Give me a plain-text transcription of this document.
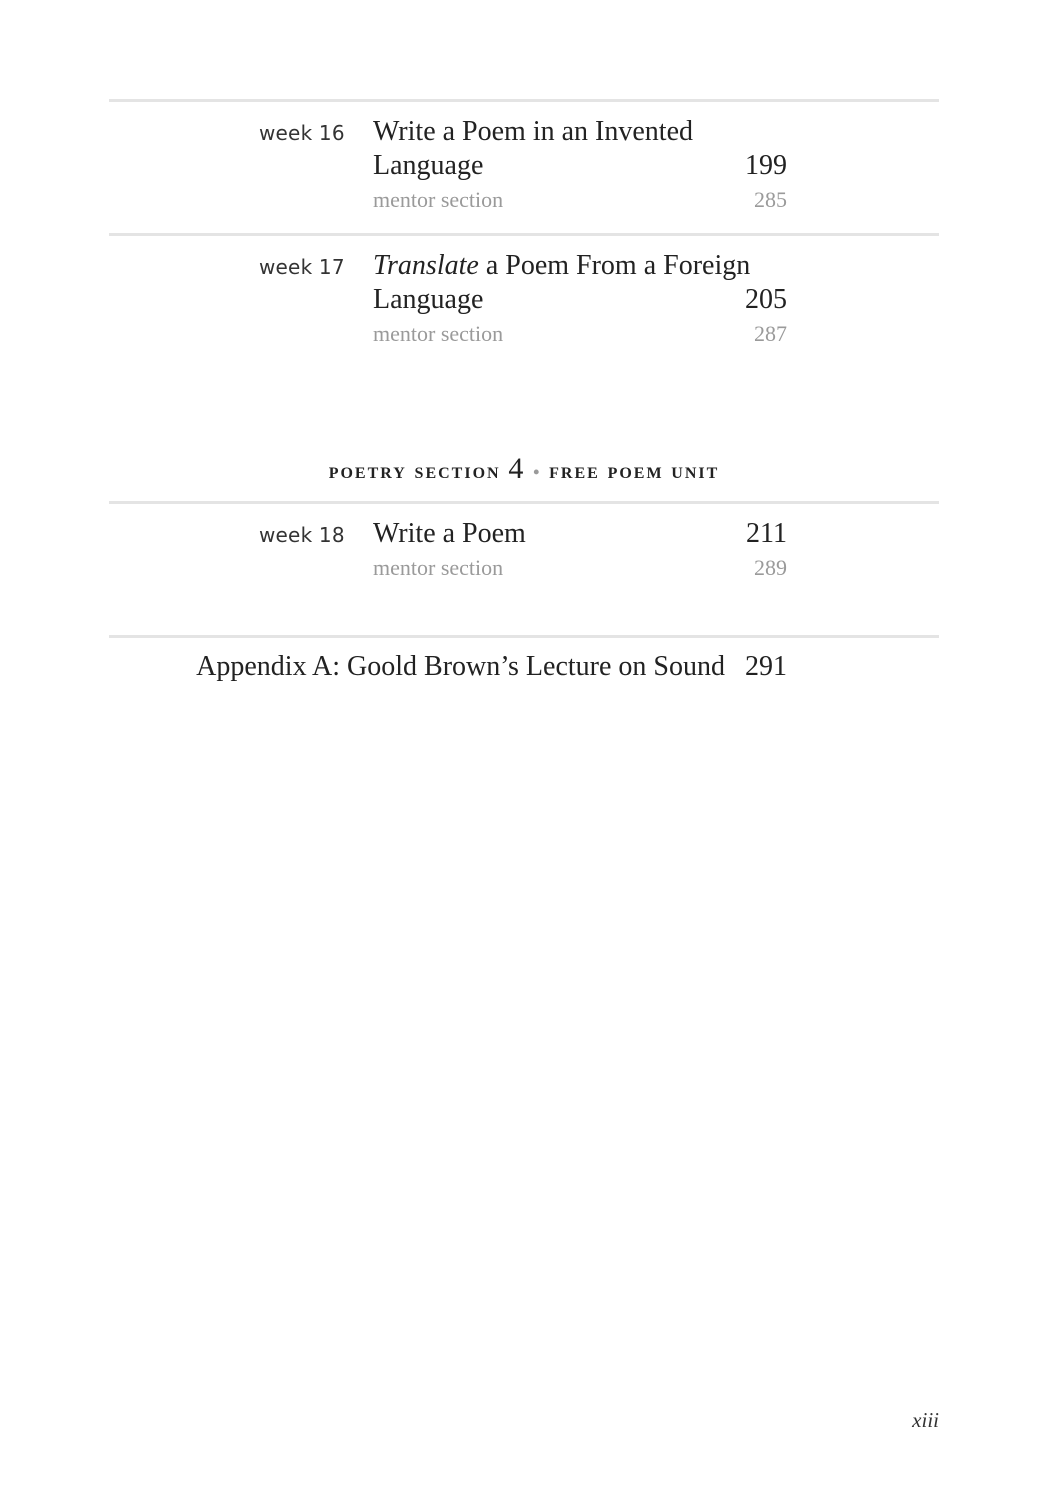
week 16 Write a Poem in an Invented
Language	199
mentor section	285
week 17 Translate a Poem From a Foreign
Language	205
mentor section	287
poetry section 4 • free poem unit
week 18 Write a Poem	211
mentor section	289
Appendix A: Goold Brown’s Lecture on Sound 291
xiii
